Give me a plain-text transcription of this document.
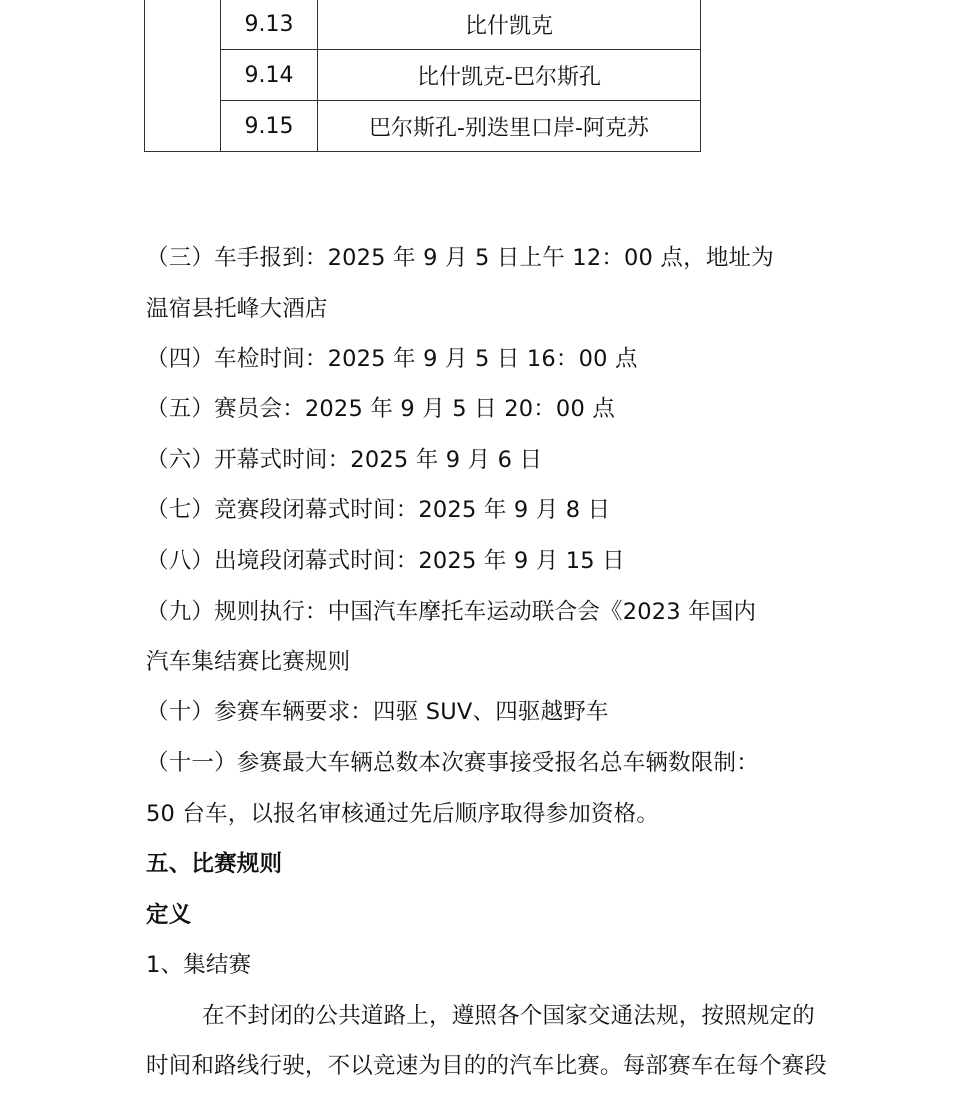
	9.13	比什凯克
	9.14	比什凯克-巴尔斯孔
	9.15	巴尔斯孔-别迭里口岸-阿克苏
（三）车手报到：2025 年 9 月 5 日上午 12：00 点，地址为
温宿县托峰大酒店
（四）车检时间：2025 年 9 月 5 日 16：00 点
（五）赛员会：2025 年 9 月 5 日 20：00 点
（六）开幕式时间：2025 年 9 月 6 日
（七）竞赛段闭幕式时间：2025 年 9 月 8 日
（八）出境段闭幕式时间：2025 年 9 月 15 日
（九）规则执行：中国汽车摩托车运动联合会《2023 年国内
汽车集结赛比赛规则
（十）参赛车辆要求：四驱 SUV、四驱越野车
（十一）参赛最大车辆总数本次赛事接受报名总车辆数限制：
50 台车，以报名审核通过先后顺序取得参加资格。
五、比赛规则
定义
1、集结赛
在不封闭的公共道路上，遵照各个国家交通法规，按照规定的
时间和路线行驶，不以竞速为目的的汽车比赛。每部赛车在每个赛段
